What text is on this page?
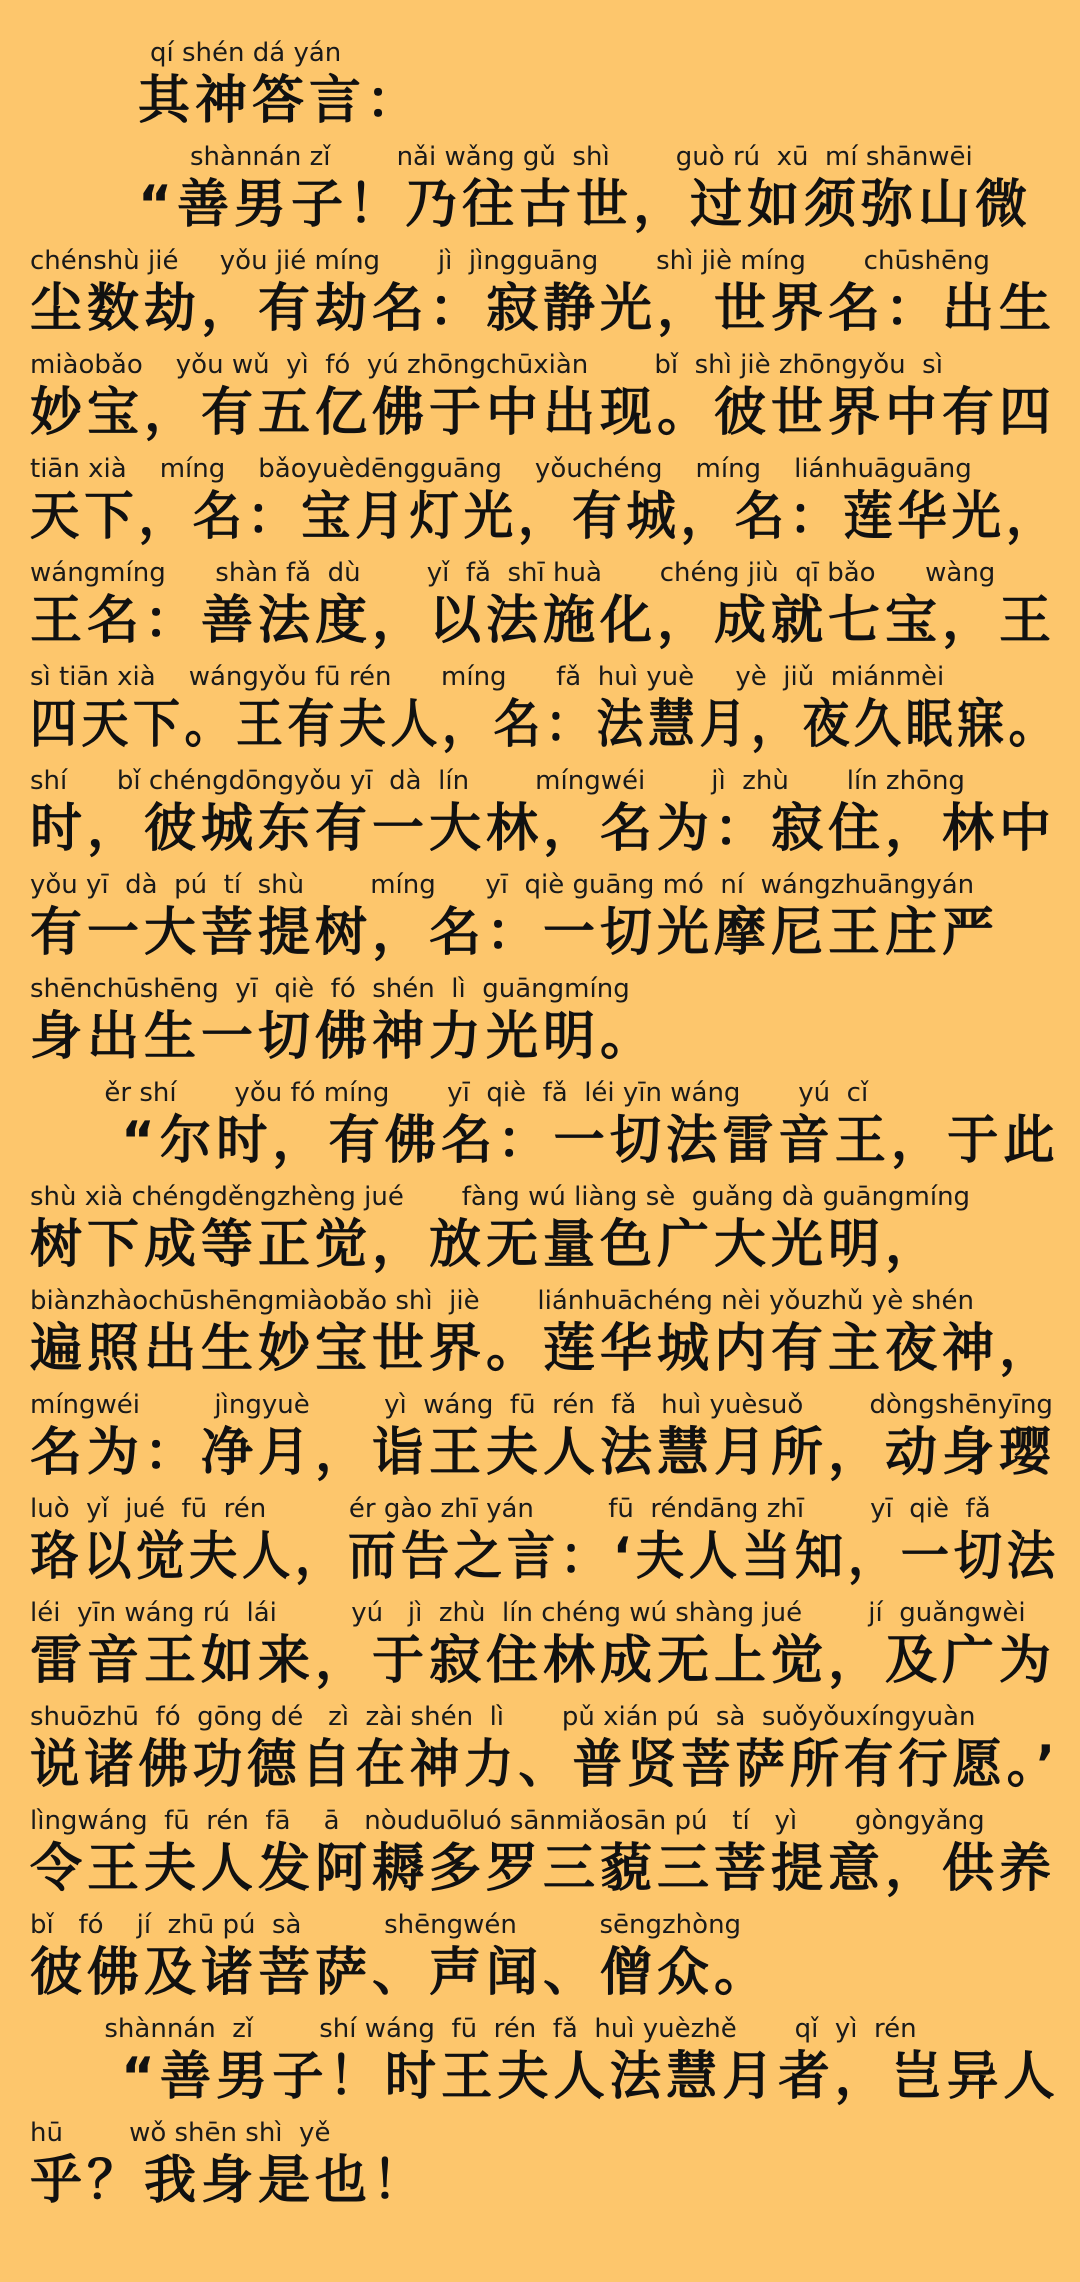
qí shén dá yán
其神答言：
shànnán zǐ        nǎi wǎng gǔ  shì        guò rú  xū  mí shānwēi
“善男子！乃往古世，过如须弥山微
chénshù jié     yǒu jié míng       jì  jìngguāng       shì jiè míng       chūshēng
尘数劫，有劫名：寂静光，世界名：出生
miàobǎo    yǒu wǔ  yì  fó  yú zhōngchūxiàn        bǐ  shì jiè zhōngyǒu  sì
妙宝，有五亿佛于中出现。彼世界中有四
tiān xià    míng    bǎoyuèdēngguāng    yǒuchéng    míng    liánhuāguāng
天下，名：宝月灯光，有城，名：莲华光，
wángmíng      shàn fǎ  dù        yǐ  fǎ  shī huà       chéng jiù  qī bǎo      wàng
王名：善法度，以法施化，成就七宝，王
sì tiān xià    wángyǒu fū rén      míng      fǎ  huì yuè     yè  jiǔ  miánmèi
四天下。王有夫人，名：法慧月，夜久眠寐。
shí      bǐ chéngdōngyǒu yī  dà  lín        míngwéi        jì  zhù       lín zhōng
时，彼城东有一大林，名为：寂住，林中
yǒu yī  dà  pú  tí  shù        míng      yī  qiè guāng mó  ní  wángzhuāngyán
有一大菩提树，名：一切光摩尼王庄严
shēnchūshēng  yī  qiè  fó  shén  lì  guāngmíng
身出生一切佛神力光明。
ěr shí       yǒu fó míng       yī  qiè  fǎ  léi yīn wáng       yú  cǐ
“尔时，有佛名：一切法雷音王，于此
shù xià chéngděngzhèng jué       fàng wú liàng sè  guǎng dà guāngmíng
树下成等正觉，放无量色广大光明，
biànzhàochūshēngmiàobǎo shì  jiè       liánhuāchéng nèi yǒuzhǔ yè shén
遍照出生妙宝世界。莲华城内有主夜神，
míngwéi         jìngyuè         yì  wáng  fū  rén  fǎ   huì yuèsuǒ        dòngshēnyīng
名为：净月，诣王夫人法慧月所，动身璎
luò  yǐ  jué  fū  rén          ér gào zhī yán         fū  réndāng zhī        yī  qiè  fǎ
珞以觉夫人，而告之言：‘夫人当知，一切法
léi  yīn wáng rú  lái         yú   jì  zhù  lín chéng wú shàng jué        jí  guǎngwèi
雷音王如来，于寂住林成无上觉，及广为
shuōzhū  fó  gōng dé   zì  zài shén  lì       pǔ xián pú  sà  suǒyǒuxíngyuàn
说诸佛功德自在神力、普贤菩萨所有行愿。’
lìngwáng  fū  rén  fā    ā   nòuduōluó sānmiǎosān pú   tí   yì       gòngyǎng
令王夫人发阿耨多罗三藐三菩提意，供养
bǐ   fó    jí  zhū pú  sà          shēngwén          sēngzhòng
彼佛及诸菩萨、声闻、僧众。
shànnán  zǐ        shí wáng  fū  rén  fǎ  huì yuèzhě       qǐ  yì  rén
“善男子！时王夫人法慧月者，岂异人
hū        wǒ shēn shì  yě
乎？我身是也！
